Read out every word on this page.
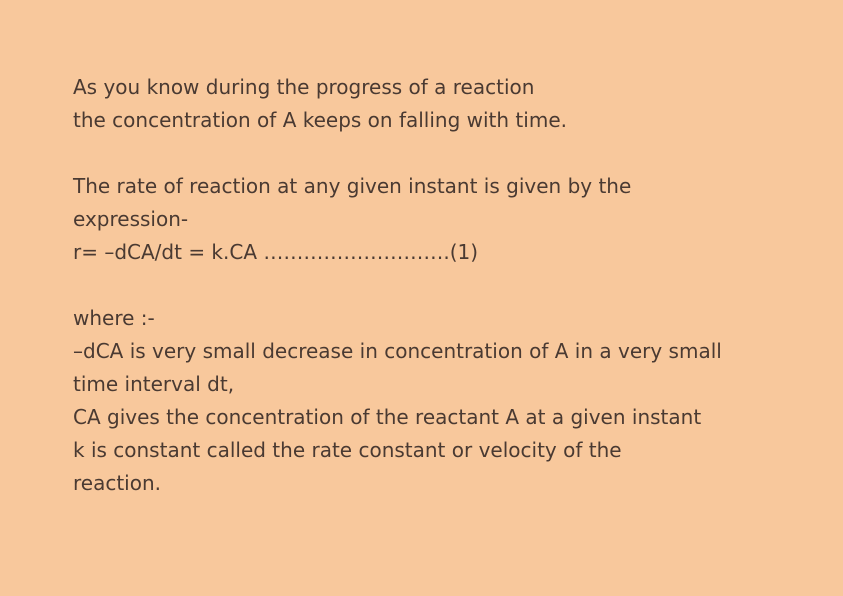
As you know during the progress of a reaction
the concentration of A keeps on falling with time.
The rate of reaction at any given instant is given by the
expression-
r= –dCA/dt = k.CA ……………………….(1)
where :-
–dCA is very small decrease in concentration of A in a very small
time interval dt,
CA gives the concentration of the reactant A at a given instant
k is constant called the rate constant or velocity of the
reaction.
